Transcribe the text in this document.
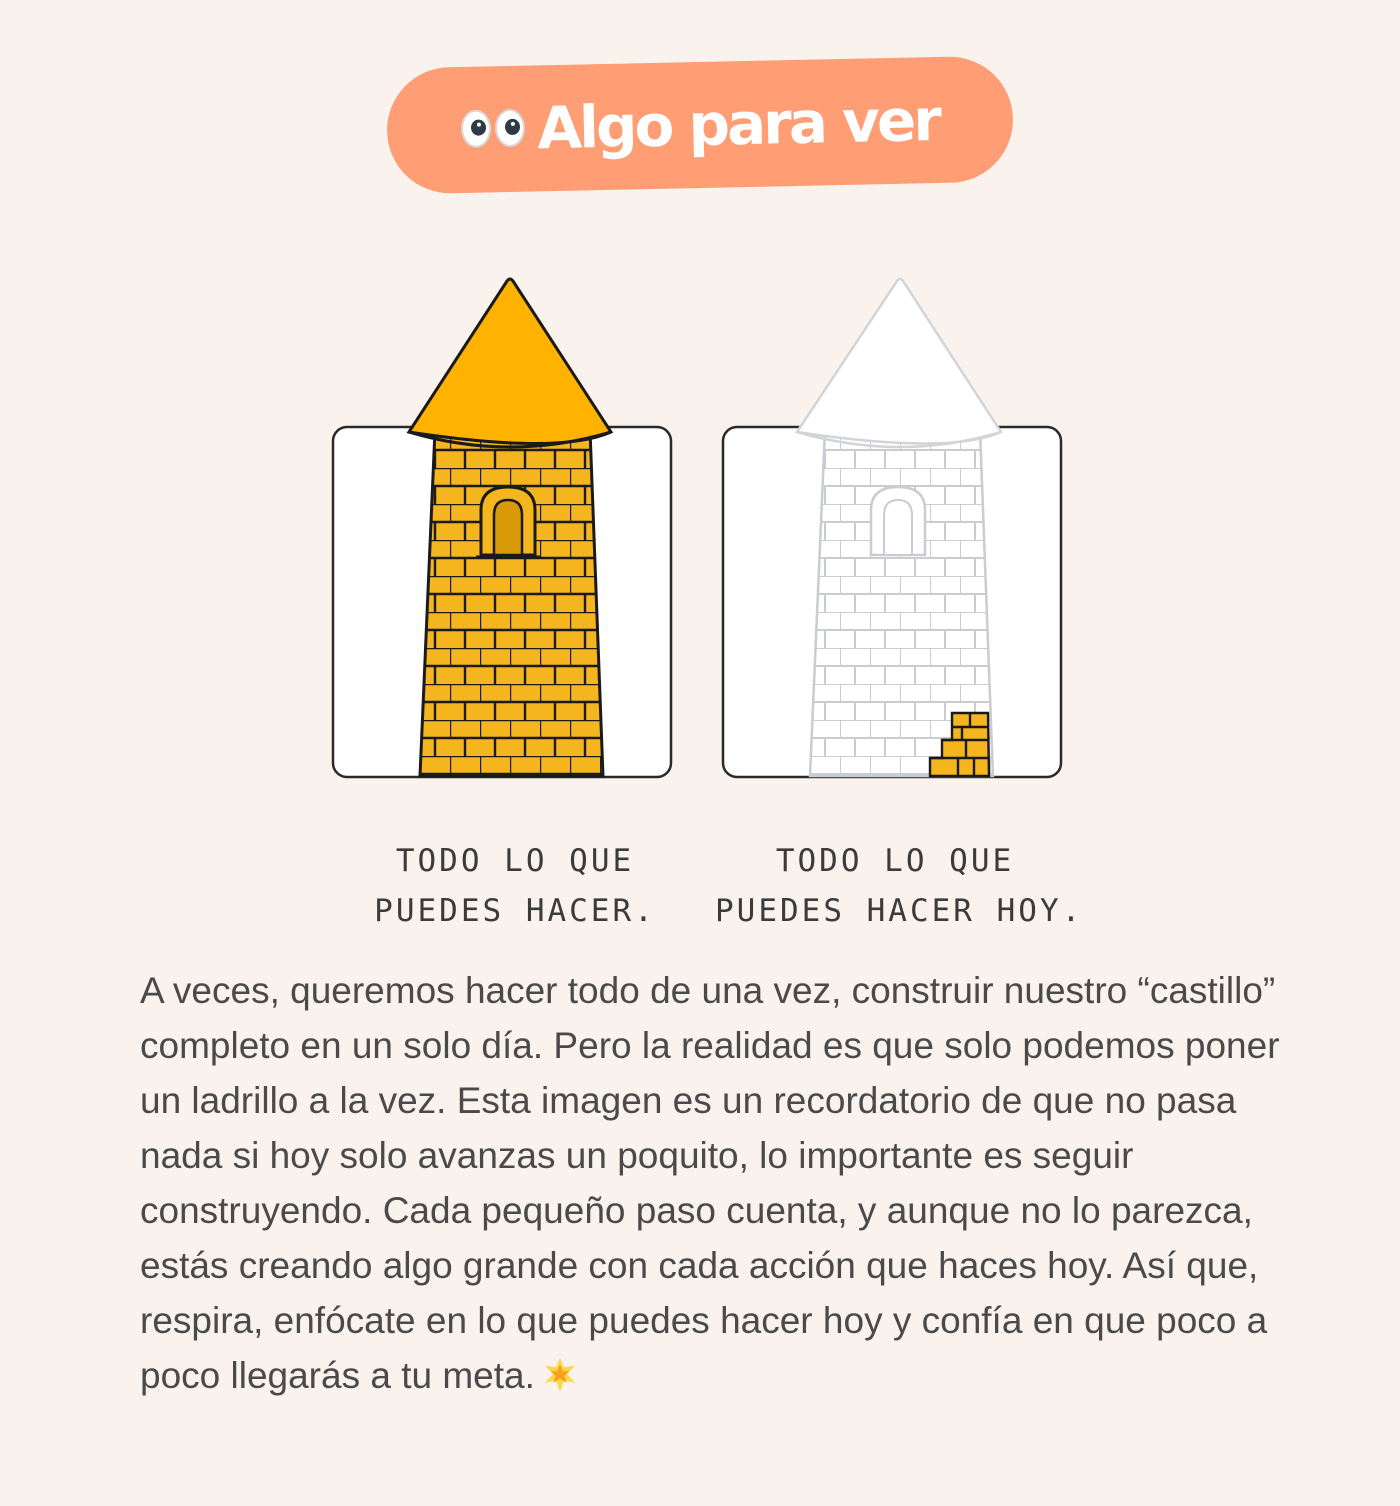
Algo para ver
TODO LO QUE
PUEDES HACER.
TODO LO QUE
PUEDES HACER HOY.

A veces, queremos hacer todo de una vez, construir nuestro “castillo” completo en un solo día. Pero la realidad es que solo podemos poner un ladrillo a la vez. Esta imagen es un recordatorio de que no pasa nada si hoy solo avanzas un poquito, lo importante es seguir construyendo. Cada pequeño paso cuenta, y aunque no lo parezca, estás creando algo grande con cada acción que haces hoy. Así que, respira, enfócate en lo que puedes hacer hoy y confía en que poco a poco llegarás a tu meta.
